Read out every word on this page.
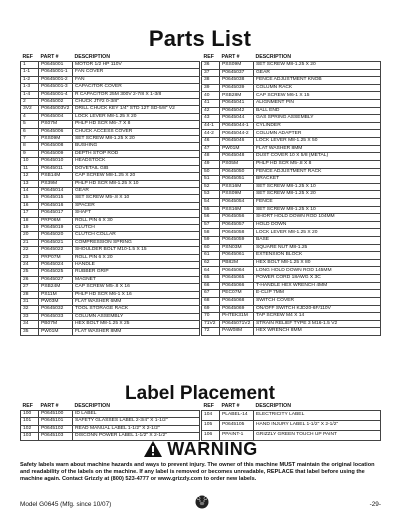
Parts List
REF	PART #	DESCRIPTION
1	P0645001	MOTOR 1/2 HP 110V
1-1	P0645001-1	FAN COVER
1-2	P0645001-2	FAN
1-3	P0645001-3	CAPACITOR COVER
1-4	P0645001-4	R CAPACITOR 25M 300V 2-7/8 X 1-3/8
2	P0645002	CHUCK JT#2 0-3/8"
3V2	P0645003V2	DRILL CHUCK KEY 1/4" STD 12T SD-5/8" V2
4	P0645004	LOCK LEVER M8-1.25 X 20
5	PS07M	PHLP HD SCR M6-.7 X 8
6	P0645006	CHUCK ACCESS COVER
7	PSS09M	SET SCREW M8-1.25 X 20
8	P0645008	BUSHING
9	P0645009	DEPTH STOP ROD
10	P0645010	HEADSTOCK
11	P0645011	DOVETAIL GIB
12	PSB14M	CAP SCREW M8-1.25 X 20
13	PS39M	PHLP HD SCR M8-1.25 X 10
14	P0645014	GEAR
15	P0645015	SET SCREW M5-.8 X 10
16	P0645016	SPACER
17	P0645017	SHAFT
18	PRP06M	ROLL PIN 6 X 30
19	P0645019	CLUTCH
20	P0645020	CLUTCH COLLAR
21	P0645021	COMPRESSION SPRING
22	P0645022	SHOULDER BOLT M10-1.5 X 15
23	PRP07M	ROLL PIN 6 X 20
24	P0645024	HANDLE
25	P0645025	RUBBER GRIP
26	P0645027	MAGNET
27	PSB24M	CAP SCREW M5-.8 X 16
28	PS11M	PHLP HD SCR M6-1 X 16
31	PW03M	FLAT WASHER 6MM
32	P0645032	TOOL STORAGE RACK
33	P0645033	COLUMN ASSEMBLY
34	PB07M	HEX BOLT M8-1.25 X 25
35	PW01M	FLAT WASHER 8MM
REF	PART #	DESCRIPTION
36	PSS09M	SET SCREW M8-1.25 X 20
37	P0645037	GEAR
38	P0645038	FENCE ADJUSTMENT KNOB
39	P0645039	COLUMN RACK
40	PSB28M	CAP SCREW M6-1 X 15
41	P0645041	ALIGNMENT PIN
42	P0645042	BALL END
43	P0645044	GAS SPRING ASSEMBLY
44-1	P0645044-1	CYLINDER
44-2	P0645044-2	COLUMN ADAPTER
46	P0645046	LOCK LEVER M8-1.25 X 50
47	PW01M	FLAT WASHER 8MM
48	P0645048	DUST COVER 10 X 5/8 (METAL)
49	PS05M	PHLP HD SCR M5-.8 X 8
50	P0645050	FENCE ADJUSTMENT RACK
51	P0645051	BRACKET
52	PSS16M	SET SCREW M8-1.25 X 10
53	PSS09M	SET SCREW M8-1.25 X 20
54	P0645054	FENCE
55	PSS16M	SET SCREW M8-1.25 X 10
56	P0645056	SHORT HOLD DOWN ROD 104MM
57	P0645057	HOLD DOWN
58	P0645058	LOCK LEVER M8-1.25 X 20
59	P0645059	BASE
60	PSN03M	SQUARE NUT M8-1.25
61	P0645061	EXTENSION BLOCK
62	PB82M	HEX BOLT M8-1.25 X 80
64	P0645064	LONG HOLD DOWN ROD 145MM
65	P0645065	POWER CORD 18AWG X 3C
66	P0645066	T-HANDLE HEX WRENCH 4MM
67	PEC07M	E-CLIP 7MM
68	P0645068	SWITCH COVER
69	P0645069	ON/OFF SWITCH KJD20-6F/110V
70	PHTEK31M	TAP SCREW M4 X 14
71V2	P0645071V2	STRAIN RELIEF TYPE 3 M16-1.5 V2
72	PAW08M	HEX WRENCH 8MM
Label Placement
REF	PART #	DESCRIPTION
100	P0645100	ID LABEL
101	P0645101	SAFETY GLASSES LABEL 2-3/4" X 1-1/2"
102	P0645102	READ MANUAL LABEL 1-1/2" X 2-1/2"
103	P0645103	DISCONN POWER LABEL 1-1/2" X 2-1/2"
REF	PART #	DESCRIPTION
104	PLABEL-14	ELECTRICITY LABEL
105	P0645105	HAND INJURY LABEL 1-1/2" X 2-1/2"
106	PPAINT-1	GRIZZLY GREEN TOUCH UP PAINT
WARNING

Safety labels warn about machine hazards and ways to prevent injury. The owner of this machine MUST maintain the original location and readability of the labels on the machine. If any label is removed or becomes unreadable, REPLACE that label before using the machine again. Contact Grizzly at (800) 523-4777 or www.grizzly.com to order new labels.

Model G0645 (Mfg. since 10/07)	-29-
